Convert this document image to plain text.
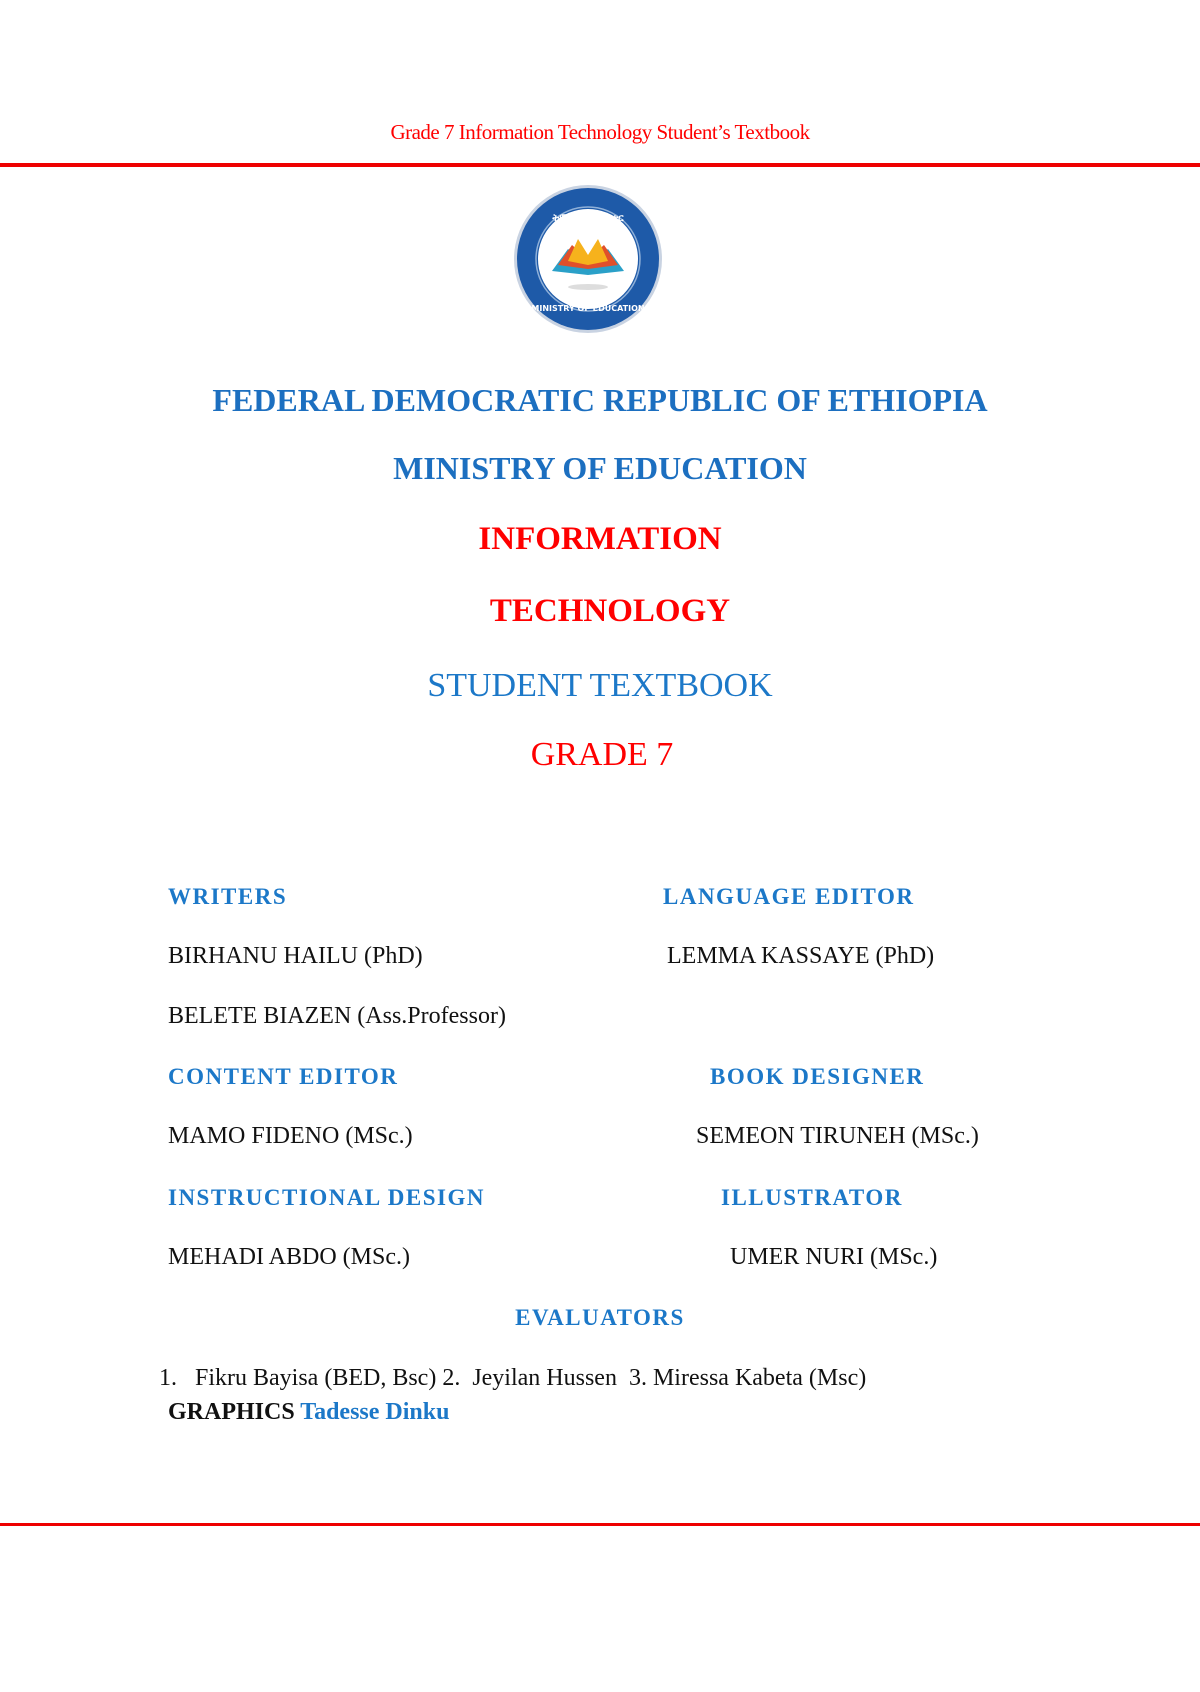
Grade 7 Information Technology Student’s Textbook
ትምህርት ሚኒስቴር
MINISTRY OF EDUCATION
FEDERAL DEMOCRATIC REPUBLIC OF ETHIOPIA
MINISTRY OF EDUCATION
INFORMATION
TECHNOLOGY
STUDENT TEXTBOOK
GRADE 7
WRITERS	LANGUAGE EDITOR
BIRHANU HAILU (PhD)	LEMMA KASSAYE (PhD)
BELETE BIAZEN (Ass.Professor)
CONTENT EDITOR	BOOK DESIGNER
MAMO FIDENO (MSc.)	SEMEON TIRUNEH (MSc.)
INSTRUCTIONAL DESIGN	ILLUSTRATOR
MEHADI ABDO (MSc.)	UMER NURI (MSc.)
EVALUATORS
1.   Fikru Bayisa (BED, Bsc) 2.  Jeyilan Hussen  3. Miressa Kabeta (Msc)
GRAPHICS Tadesse Dinku
